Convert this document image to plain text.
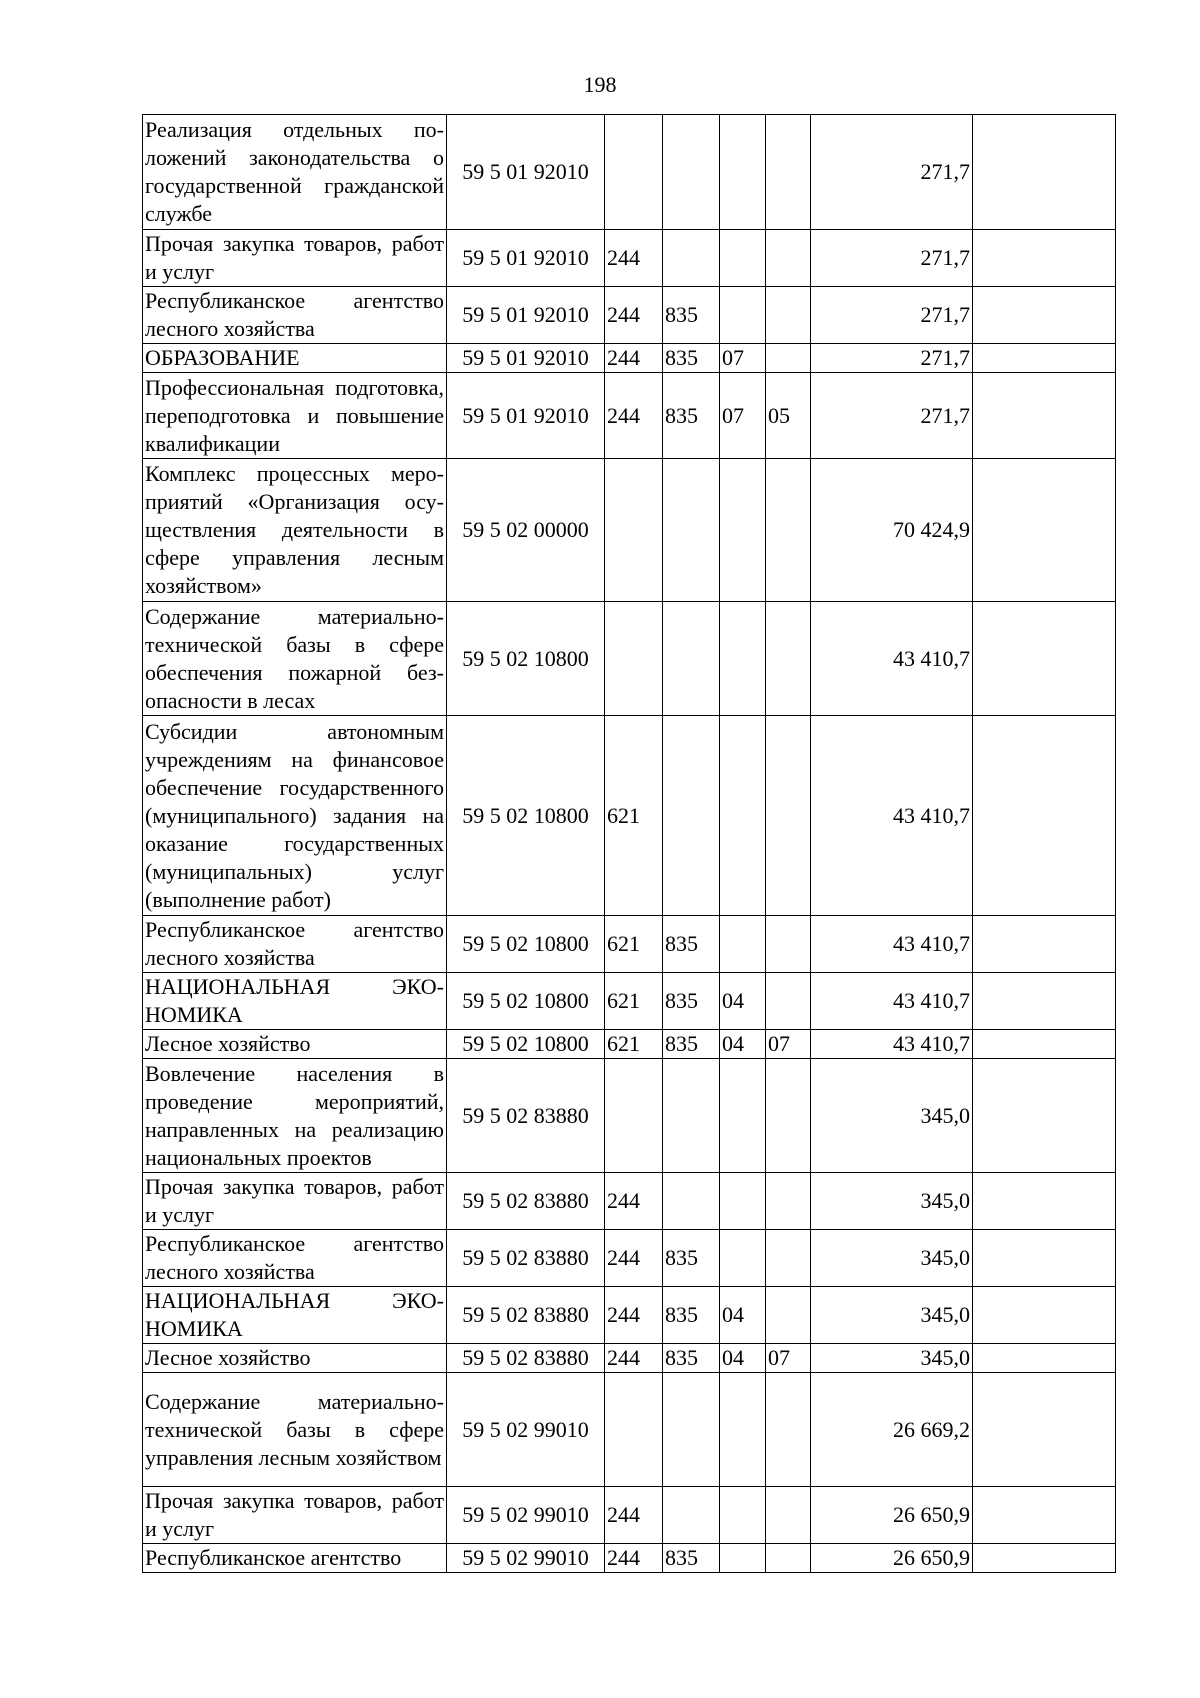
198
Реализация отдельных положений законодательства о государственной гражданской службе	59 5 01 92010					271,7	
Прочая закупка товаров, работ и услуг	59 5 01 92010	244				271,7	
Республиканское агентство лесного хозяйства	59 5 01 92010	244	835			271,7	
ОБРАЗОВАНИЕ	59 5 01 92010	244	835	07		271,7	
Профессиональная подготовка, переподготовка и повышение квалификации	59 5 01 92010	244	835	07	05	271,7	
Комплекс процессных мероприятий «Организация осуществления деятельности в сфере управления лесным хозяйством»	59 5 02 00000					70 424,9	
Содержание материально-технической базы в сфере обеспечения пожарной безопасности в лесах	59 5 02 10800					43 410,7	
Субсидии автономным учреждениям на финансовое обеспечение государственного (муниципального) задания на оказание государственных (муниципальных) услуг (выполнение работ)	59 5 02 10800	621				43 410,7	
Республиканское агентство лесного хозяйства	59 5 02 10800	621	835			43 410,7	
НАЦИОНАЛЬНАЯ ЭКОНОМИКА	59 5 02 10800	621	835	04		43 410,7	
Лесное хозяйство	59 5 02 10800	621	835	04	07	43 410,7	
Вовлечение населения в проведение мероприятий, направленных на реализацию национальных проектов	59 5 02 83880					345,0	
Прочая закупка товаров, работ и услуг	59 5 02 83880	244				345,0	
Республиканское агентство лесного хозяйства	59 5 02 83880	244	835			345,0	
НАЦИОНАЛЬНАЯ ЭКОНОМИКА	59 5 02 83880	244	835	04		345,0	
Лесное хозяйство	59 5 02 83880	244	835	04	07	345,0	
Содержание материально-технической базы в сфере управления лесным хозяйством	59 5 02 99010					26 669,2	
Прочая закупка товаров, работ и услуг	59 5 02 99010	244				26 650,9	
Республиканское агентство	59 5 02 99010	244	835			26 650,9	
